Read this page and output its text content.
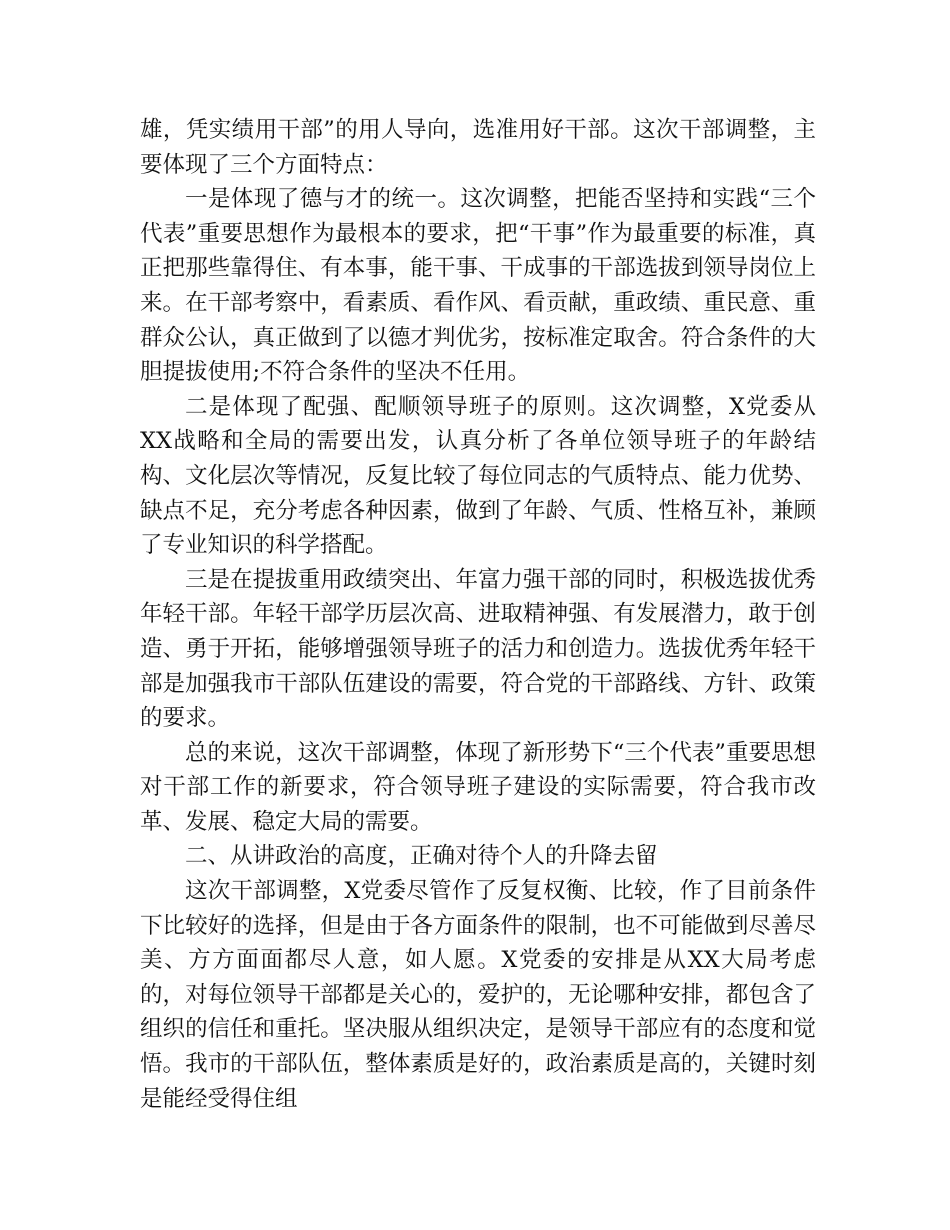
雄，凭实绩用干部”的用人导向，选准用好干部。这次干部调整，主要体现了三个方面特点：

一是体现了德与才的统一。这次调整，把能否坚持和实践“三个代表”重要思想作为最根本的要求，把“干事”作为最重要的标准，真正把那些靠得住、有本事，能干事、干成事的干部选拔到领导岗位上来。在干部考察中，看素质、看作风、看贡献，重政绩、重民意、重群众公认，真正做到了以德才判优劣，按标准定取舍。符合条件的大胆提拔使用;不符合条件的坚决不任用。

二是体现了配强、配顺领导班子的原则。这次调整，X党委从XX战略和全局的需要出发，认真分析了各单位领导班子的年龄结构、文化层次等情况，反复比较了每位同志的气质特点、能力优势、缺点不足，充分考虑各种因素，做到了年龄、气质、性格互补，兼顾了专业知识的科学搭配。

三是在提拔重用政绩突出、年富力强干部的同时，积极选拔优秀年轻干部。年轻干部学历层次高、进取精神强、有发展潜力，敢于创造、勇于开拓，能够增强领导班子的活力和创造力。选拔优秀年轻干部是加强我市干部队伍建设的需要，符合党的干部路线、方针、政策的要求。

总的来说，这次干部调整，体现了新形势下“三个代表”重要思想对干部工作的新要求，符合领导班子建设的实际需要，符合我市改革、发展、稳定大局的需要。

二、从讲政治的高度，正确对待个人的升降去留

这次干部调整，X党委尽管作了反复权衡、比较，作了目前条件下比较好的选择，但是由于各方面条件的限制，也不可能做到尽善尽美、方方面面都尽人意，如人愿。X党委的安排是从XX大局考虑的，对每位领导干部都是关心的，爱护的，无论哪种安排，都包含了组织的信任和重托。坚决服从组织决定，是领导干部应有的态度和觉悟。我市的干部队伍，整体素质是好的，政治素质是高的，关键时刻是能经受得住组
